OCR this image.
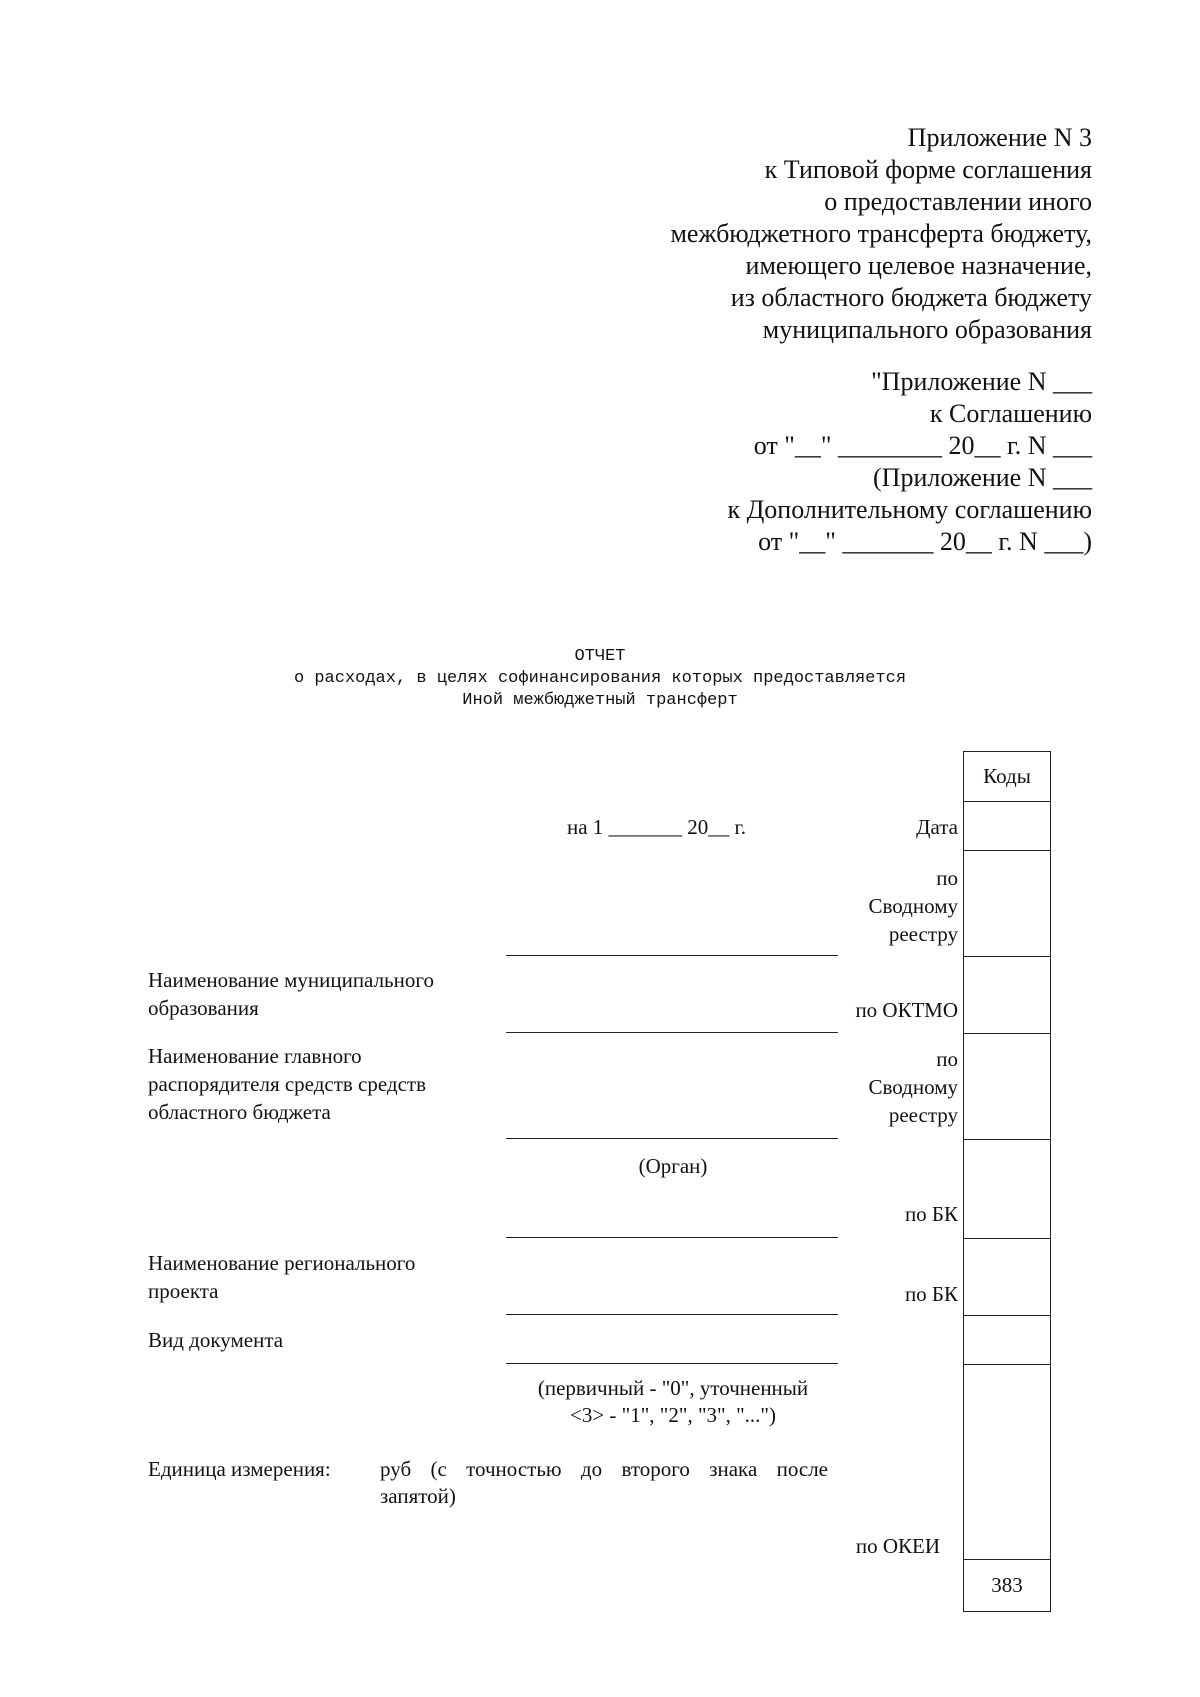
Приложение N 3
к Типовой форме соглашения
о предоставлении иного
межбюджетного трансферта бюджету,
имеющего целевое назначение,
из областного бюджета бюджету
муниципального образования
"Приложение N ___
к Соглашению
от "__" ________ 20__ г. N ___
(Приложение N ___
к Дополнительному соглашению
от "__" _______ 20__ г. N ___)
ОТЧЕТ
о расходах, в целях софинансирования которых предоставляется
Иной межбюджетный трансферт
на 1 _______ 20__ г.
Наименование муниципального
образования
Наименование главного
распорядителя средств средств
областного бюджета
(Орган)
Наименование регионального
проекта
Вид документа
(первичный - "0", уточненный
<3> - "1", "2", "3", "...")
Единица измерения: руб (с точностью до второго знака после
запятой)
Дата
по
Сводному
реестру
по ОКТМО
по
Сводному
реестру
по БК
по БК
по ОКЕИ
Коды
383
